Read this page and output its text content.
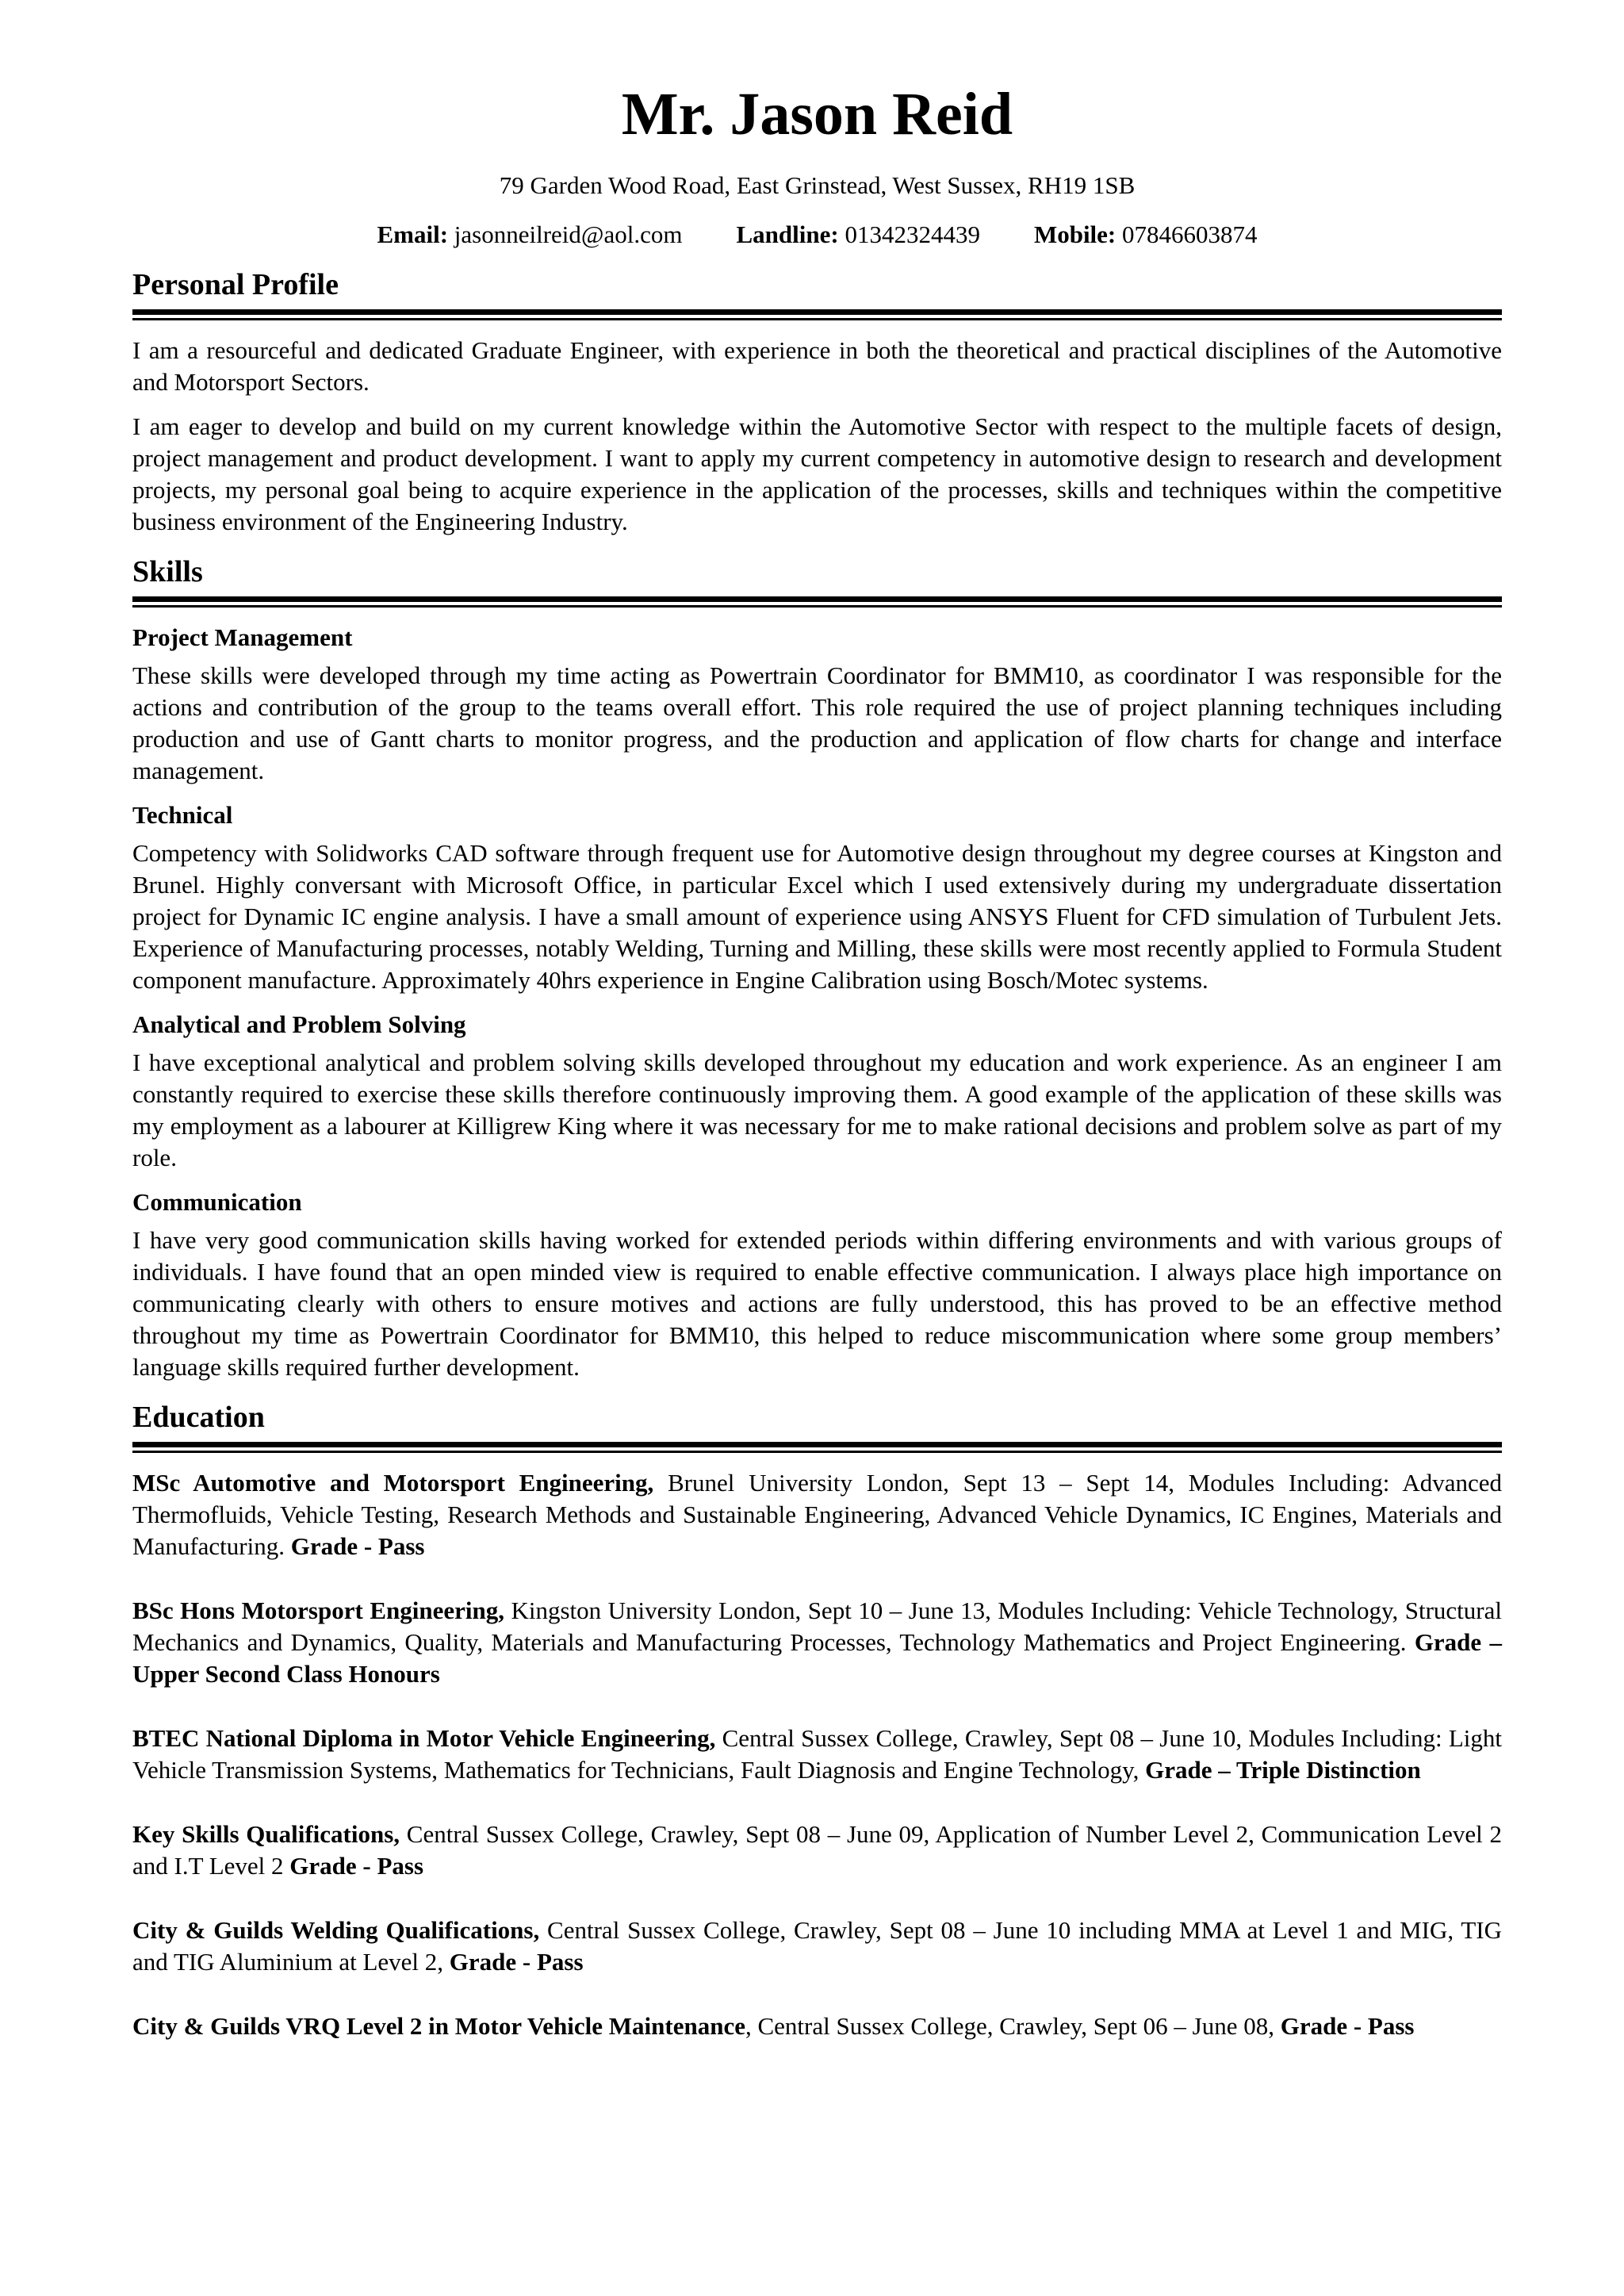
Mr. Jason Reid
79 Garden Wood Road, East Grinstead, West Sussex, RH19 1SB
Email: jasonneilreid@aol.com Landline: 01342324439 Mobile: 07846603874
Personal Profile

I am a resourceful and dedicated Graduate Engineer, with experience in both the theoretical and practical disciplines of the Automotive and Motorsport Sectors.

I am eager to develop and build on my current knowledge within the Automotive Sector with respect to the multiple facets of design, project management and product development. I want to apply my current competency in automotive design to research and development projects, my personal goal being to acquire experience in the application of the processes, skills and techniques within the competitive business environment of the Engineering Industry.

Skills
Project Management

These skills were developed through my time acting as Powertrain Coordinator for BMM10, as coordinator I was responsible for the actions and contribution of the group to the teams overall effort. This role required the use of project planning techniques including production and use of Gantt charts to monitor progress, and the production and application of flow charts for change and interface management.

Technical

Competency with Solidworks CAD software through frequent use for Automotive design throughout my degree courses at Kingston and Brunel. Highly conversant with Microsoft Office, in particular Excel which I used extensively during my undergraduate dissertation project for Dynamic IC engine analysis. I have a small amount of experience using ANSYS Fluent for CFD simulation of Turbulent Jets. Experience of Manufacturing processes, notably Welding, Turning and Milling, these skills were most recently applied to Formula Student component manufacture. Approximately 40hrs experience in Engine Calibration using Bosch/Motec systems.

Analytical and Problem Solving

I have exceptional analytical and problem solving skills developed throughout my education and work experience. As an engineer I am constantly required to exercise these skills therefore continuously improving them. A good example of the application of these skills was my employment as a labourer at Killigrew King where it was necessary for me to make rational decisions and problem solve as part of my role.

Communication

I have very good communication skills having worked for extended periods within differing environments and with various groups of individuals. I have found that an open minded view is required to enable effective communication. I always place high importance on communicating clearly with others to ensure motives and actions are fully understood, this has proved to be an effective method throughout my time as Powertrain Coordinator for BMM10, this helped to reduce miscommunication where some group members’ language skills required further development.

Education

MSc Automotive and Motorsport Engineering, Brunel University London, Sept 13 – Sept 14, Modules Including: Advanced Thermofluids, Vehicle Testing, Research Methods and Sustainable Engineering, Advanced Vehicle Dynamics, IC Engines, Materials and Manufacturing. Grade - Pass

BSc Hons Motorsport Engineering, Kingston University London, Sept 10 – June 13, Modules Including: Vehicle Technology, Structural Mechanics and Dynamics, Quality, Materials and Manufacturing Processes, Technology Mathematics and Project Engineering. Grade – Upper Second Class Honours

BTEC National Diploma in Motor Vehicle Engineering, Central Sussex College, Crawley, Sept 08 – June 10, Modules Including: Light Vehicle Transmission Systems, Mathematics for Technicians, Fault Diagnosis and Engine Technology, Grade – Triple Distinction

Key Skills Qualifications, Central Sussex College, Crawley, Sept 08 – June 09, Application of Number Level 2, Communication Level 2 and I.T Level 2 Grade - Pass

City & Guilds Welding Qualifications, Central Sussex College, Crawley, Sept 08 – June 10 including MMA at Level 1 and MIG, TIG and TIG Aluminium at Level 2, Grade - Pass

City & Guilds VRQ Level 2 in Motor Vehicle Maintenance, Central Sussex College, Crawley, Sept 06 – June 08, Grade - Pass
